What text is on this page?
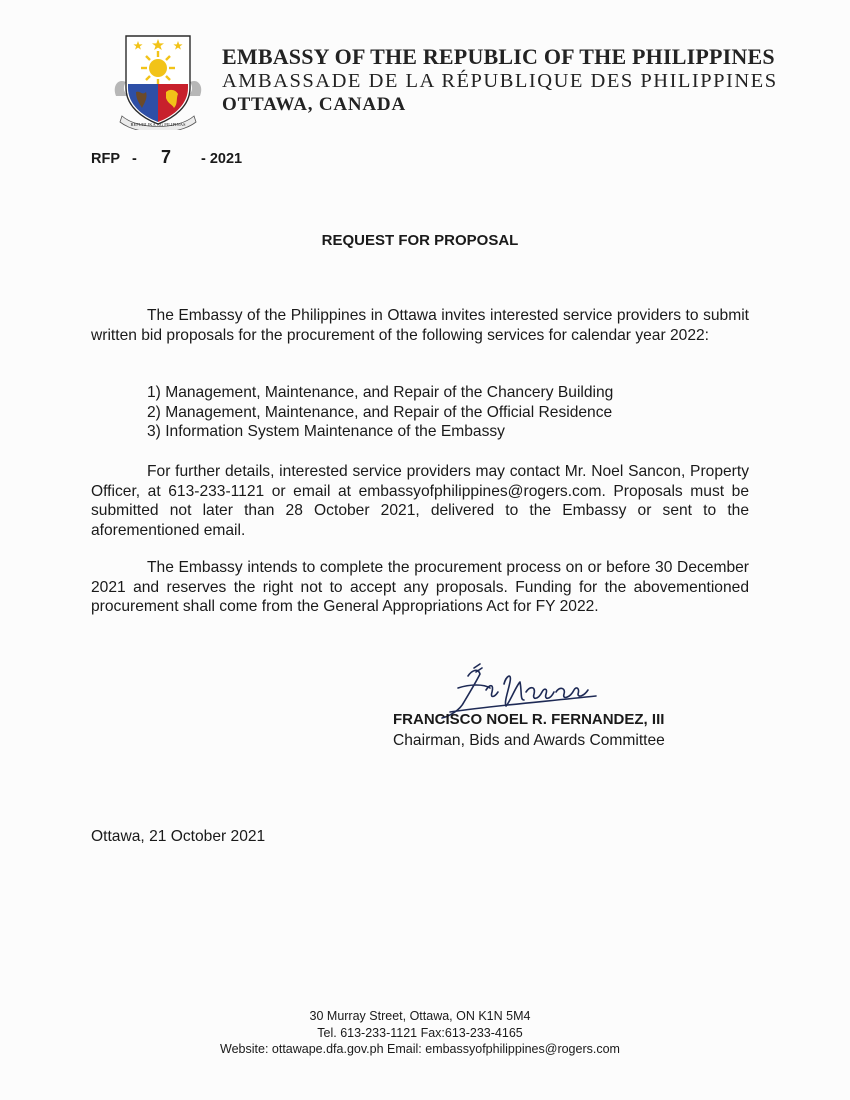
REPUBLIKA NG PILIPINAS
EMBASSY OF THE REPUBLIC OF THE PHILIPPINES
AMBASSADE DE LA RÉPUBLIQUE DES PHILIPPINES
OTTAWA, CANADA
RFP - 7 - 2021
REQUEST FOR PROPOSAL

The Embassy of the Philippines in Ottawa invites interested service providers to submit written bid proposals for the procurement of the following services for calendar year 2022:

1) Management, Maintenance, and Repair of the Chancery Building
2) Management, Maintenance, and Repair of the Official Residence
3) Information System Maintenance of the Embassy

For further details, interested service providers may contact Mr. Noel Sancon, Property Officer, at 613-233-1121 or email at embassyofphilippines@rogers.com. Proposals must be submitted not later than 28 October 2021, delivered to the Embassy or sent to the aforementioned email.

The Embassy intends to complete the procurement process on or before 30 December 2021 and reserves the right not to accept any proposals. Funding for the abovementioned procurement shall come from the General Appropriations Act for FY 2022.

FRANCISCO NOEL R. FERNANDEZ, III
Chairman, Bids and Awards Committee
Ottawa, 21 October 2021
30 Murray Street, Ottawa, ON K1N 5M4
Tel. 613-233-1121 Fax:613-233-4165
Website: ottawape.dfa.gov.ph Email: embassyofphilippines@rogers.com
